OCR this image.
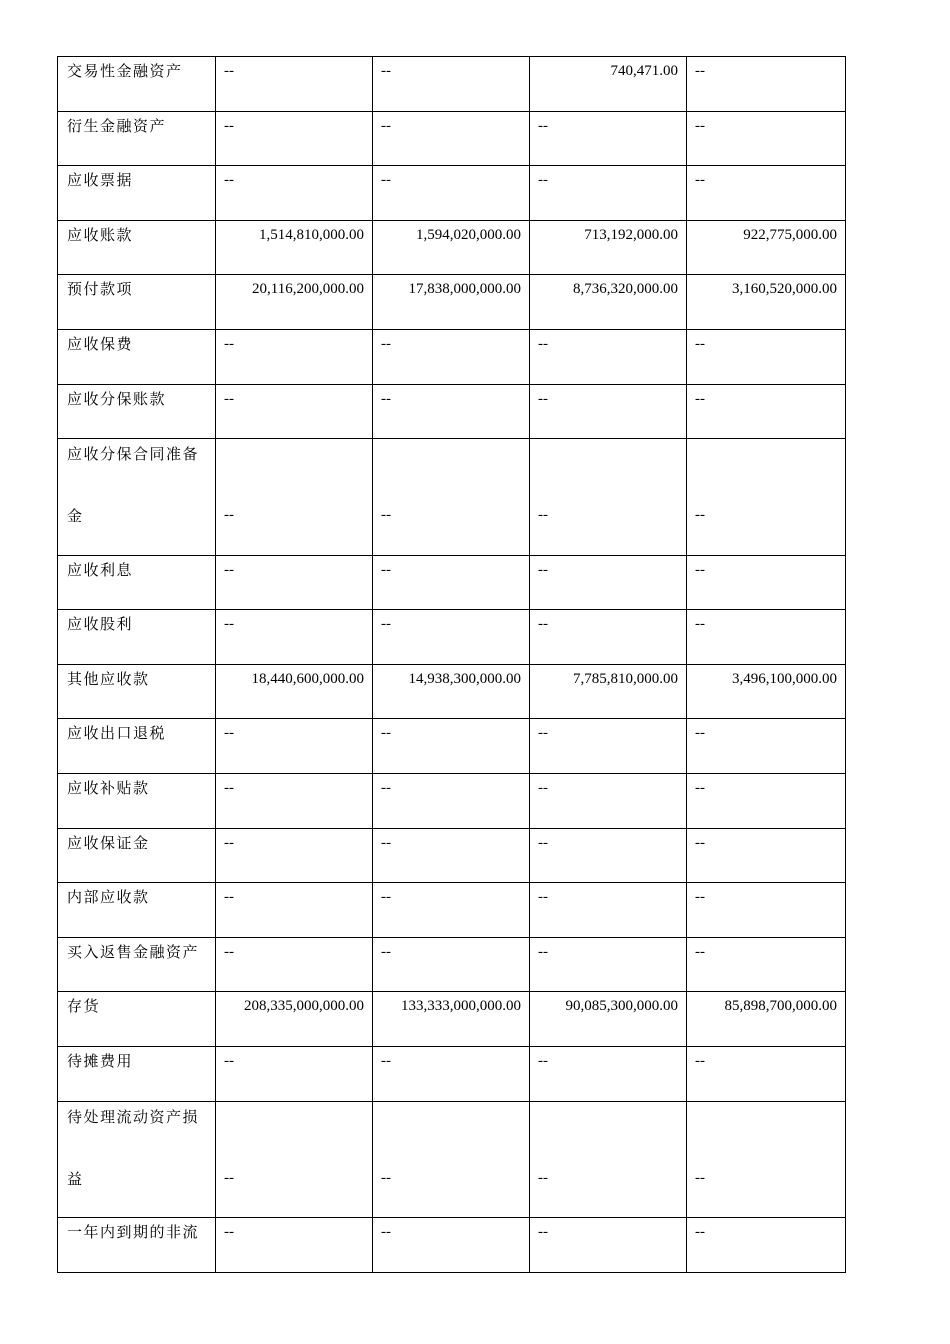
交易性金融资产	--	--	740,471.00	--

衍生金融资产	--	--	--	--

应收票据	--	--	--	--

应收账款	1,514,810,000.00	1,594,020,000.00	713,192,000.00	922,775,000.00

预付款项	20,116,200,000.00	17,838,000,000.00	8,736,320,000.00	3,160,520,000.00

应收保费	--	--	--	--

应收分保账款	--	--	--	--

应收分保合同准备金	--	--	--	--

应收利息	--	--	--	--

应收股利	--	--	--	--

其他应收款	18,440,600,000.00	14,938,300,000.00	7,785,810,000.00	3,496,100,000.00

应收出口退税	--	--	--	--

应收补贴款	--	--	--	--

应收保证金	--	--	--	--

内部应收款	--	--	--	--

买入返售金融资产	--	--	--	--

存货	208,335,000,000.00	133,333,000,000.00	90,085,300,000.00	85,898,700,000.00

待摊费用	--	--	--	--

待处理流动资产损益	--	--	--	--

一年内到期的非流	--	--	--	--
